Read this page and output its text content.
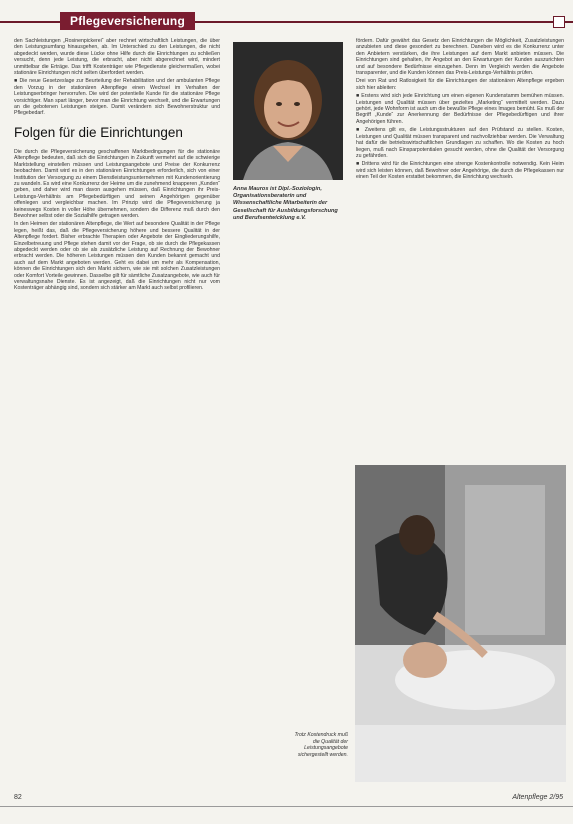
Pflegeversicherung

den Sachleistungen „Rosinenpickerei“ aber rechnet wirtschaftlich Leistungen, die über den Leistungsumfang hinausgehen, ab. Im Unterschied zu den Leistungen, die nicht abgedeckt werden, wurde diese Lücke ohne Hilfe durch die Einrichtungen zu schließen versucht, denn jede Leistung, die erbracht, aber nicht abgerechnet wird, mindert unmittelbar die Erträge. Das trifft Kostenträger wie Pflegedienste gleichermaßen, wobei stationäre Einrichtungen nicht selten überfordert werden.

■ Die neue Gesetzeslage zur Beurteilung der Rehabilitation und der ambulanten Pflege den Vorzug in der stationären Altenpflege einen Wechsel im Verhalten der Leistungserbringer hervorrufen. Die wird der potentielle Kunde für die stationäre Pflege vorsichtiger. Man spart länger, bevor man die Einrichtung wechselt, und die Erwartungen an die gebotenen Leistungen steigen. Damit verändern sich Bewohnerstruktur und Pflegebedarf.

Folgen für die Einrichtungen

Die durch die Pflegeversicherung geschaffenen Marktbedingungen für die stationäre Altenpflege bedeuten, daß sich die Einrichtungen in Zukunft vermehrt auf die schwierige Marktstellung einstellen müssen und Leistungsangebote und Preise der Konkurrenz beobachten. Damit wird es in den stationären Einrichtungen erforderlich, sich von einer Institution der Versorgung zu einem Dienstleistungsunternehmen mit Kundenorientierung zu wandeln. Es wird eine Konkurrenz der Heime um die zunehmend knapperen „Kunden“ geben, und daher wird man davon ausgehen müssen, daß Einrichtungen ihr Preis-Leistungs-Verhältnis am Pflegebedürftigen und seinen Angehörigen gegenüber offenlegen und vergleichbar machen. Im Prinzip wird die Pflegeversicherung ja keineswegs Kosten in voller Höhe übernehmen, sondern die Differenz muß durch den Bewohner selbst oder die Sozialhilfe getragen werden.

In den Heimen der stationären Altenpflege, die Wert auf besondere Qualität in der Pflege legen, heißt das, daß die Pflegeversicherung höhere und bessere Qualität in der Altenpflege fordert. Bisher erbrachte Therapien oder Angebote der Eingliederungshilfe, Einzelbetreuung und Pflege stehen damit vor der Frage, ob sie durch die Pflegekassen abgedeckt werden oder ob sie als zusätzliche Leistung auf Rechnung der Bewohner erbracht werden. Die höheren Leistungen müssen den Kunden bekannt gemacht und auch auf dem Markt angeboten werden. Geht es dabei um mehr als Kompensation, können die Einrichtungen sich den Markt sichern, wie sie mit solchen Zusatzleistungen oder Komfort Vorteile gewinnen. Dasselbe gilt für sämtliche Zusatzangebote, wie auch für verwaltungsnahe Dienste. Es ist angezeigt, daß die Einrichtungen nicht nur vom Kostenträger abhängig sind, sondern sich stärker am Markt auch selbst profilieren.

Anna Mauros ist Dipl.-Soziologin, Organisationsberaterin und Wissenschaftliche Mitarbeiterin der Gesellschaft für Ausbildungsforschung und Berufsentwicklung e.V.

fördern. Dafür gewährt das Gesetz den Einrichtungen die Möglichkeit, Zusatzleistungen anzubieten und diese gesondert zu berechnen. Daneben wird es die Konkurrenz unter den Anbietern verstärken, die ihre Leistungen auf dem Markt anbieten müssen. Die Einrichtungen sind gehalten, ihr Angebot an den Erwartungen der Kunden auszurichten und auf besondere Bedürfnisse einzugehen. Denn im Vergleich werden die Angebote transparenter, und die Kunden können das Preis-Leistungs-Verhältnis prüfen.

Drei von Rat und Ratlosigkeit für die Einrichtungen der stationären Altenpflege ergeben sich hier ableiten:

■ Erstens wird sich jede Einrichtung um einen eigenen Kundenstamm bemühen müssen. Leistungen und Qualität müssen über gezieltes „Marketing“ vermittelt werden. Dazu gehört, jede Wohnform ist auch um die bewußte Pflege eines Images bemüht. Es muß der Begriff „Kunde“ zur Anerkennung der Bedürfnisse der Pflegebedürftigen und ihrer Angehörigen führen.

■ Zweitens gilt es, die Leistungsstrukturen auf den Prüfstand zu stellen. Kosten, Leistungen und Qualität müssen transparent und nachvollziehbar werden. Die Verwaltung hat dafür die betriebswirtschaftlichen Grundlagen zu schaffen. Wo die Kosten zu hoch liegen, muß nach Einsparpotentialen gesucht werden, ohne die Qualität der Versorgung zu gefährden.

■ Drittens wird für die Einrichtungen eine strenge Kostenkontrolle notwendig. Kein Heim wird sich leisten können, daß Bewohner oder Angehörige, die durch die Pflegekassen nur einen Teil der Kosten erstattet bekommen, die Einrichtung wechseln.

Trotz Kostendruck muß die Qualität der Leistungsangebote sichergestellt werden.
82	Altenpflege 2/95
